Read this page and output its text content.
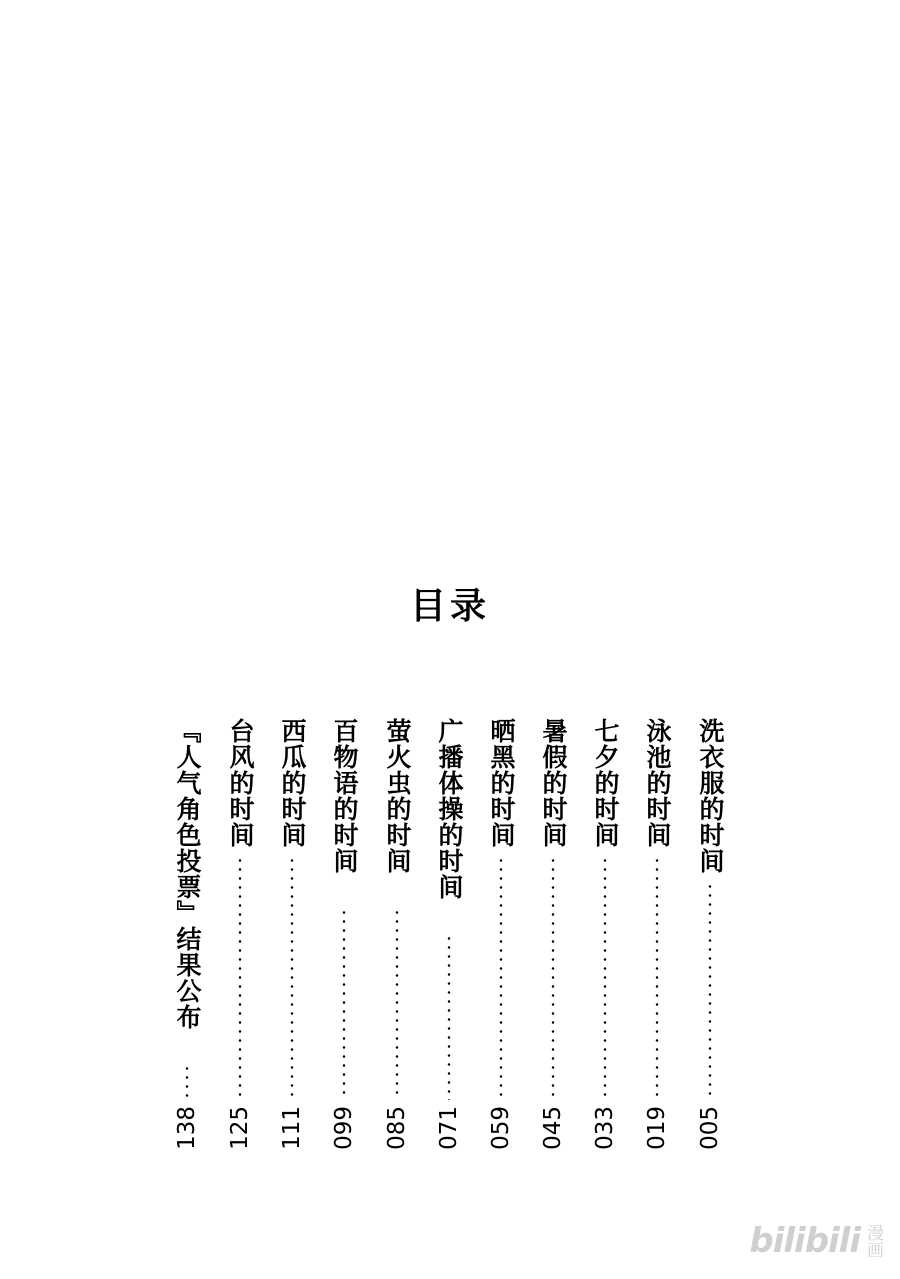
目录
洗衣服的时间
005
泳池的时间
019
七夕的时间
033
暑假的时间
045
晒黑的时间
059
广播体操的时间
071
萤火虫的时间
085
百物语的时间
099
西瓜的时间
111
台风的时间
125
『人气角色投票』结果公布
138
bilibili 漫画
